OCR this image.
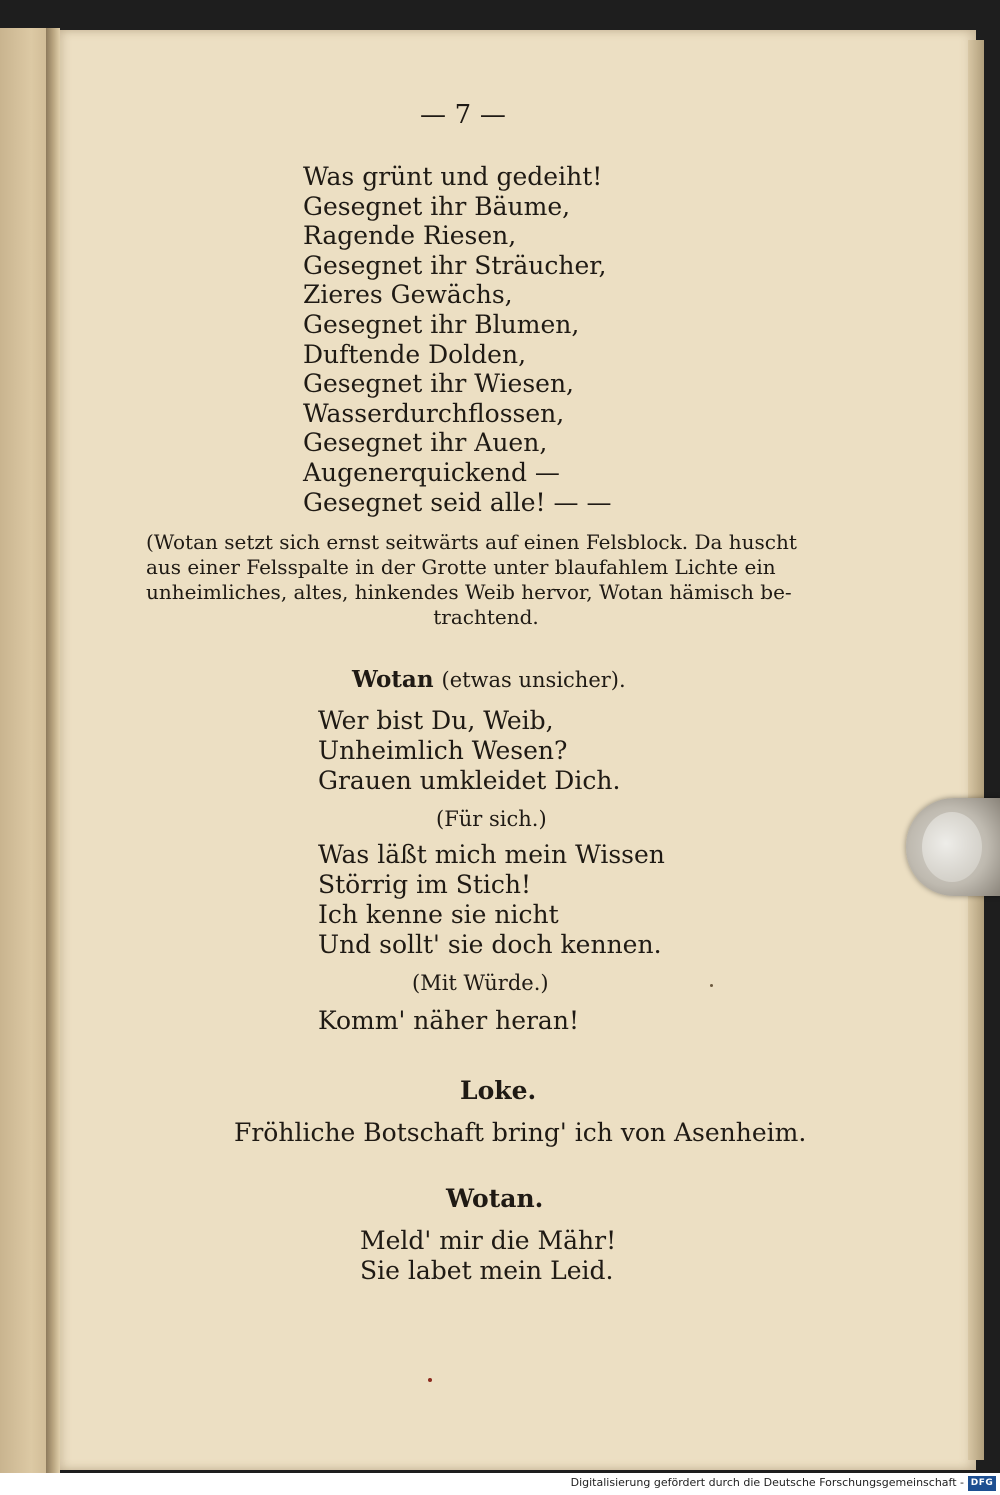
— 7 —
Was grünt und gedeiht!
Gesegnet ihr Bäume,
Ragende Riesen,
Gesegnet ihr Sträucher,
Zieres Gewächs,
Gesegnet ihr Blumen,
Duftende Dolden,
Gesegnet ihr Wiesen,
Wasserdurchflossen,
Gesegnet ihr Auen,
Augenerquickend —
Gesegnet seid alle! — —
(Wotan setzt sich ernst seitwärts auf einen Felsblock. Da huscht
aus einer Felsspalte in der Grotte unter blaufahlem Lichte ein
unheimliches, altes, hinkendes Weib hervor, Wotan hämisch be-
trachtend.
Wotan (etwas unsicher).
Wer bist Du, Weib,
Unheimlich Wesen?
Grauen umkleidet Dich.
(Für sich.)
Was läßt mich mein Wissen
Störrig im Stich!
Ich kenne sie nicht
Und sollt' sie doch kennen.
(Mit Würde.)
Komm' näher heran!
Loke.
Fröhliche Botschaft bring' ich von Asenheim.
Wotan.
Meld' mir die Mähr!
Sie labet mein Leid.
Digitalisierung gefördert durch die Deutsche Forschungsgemeinschaft - DFG
